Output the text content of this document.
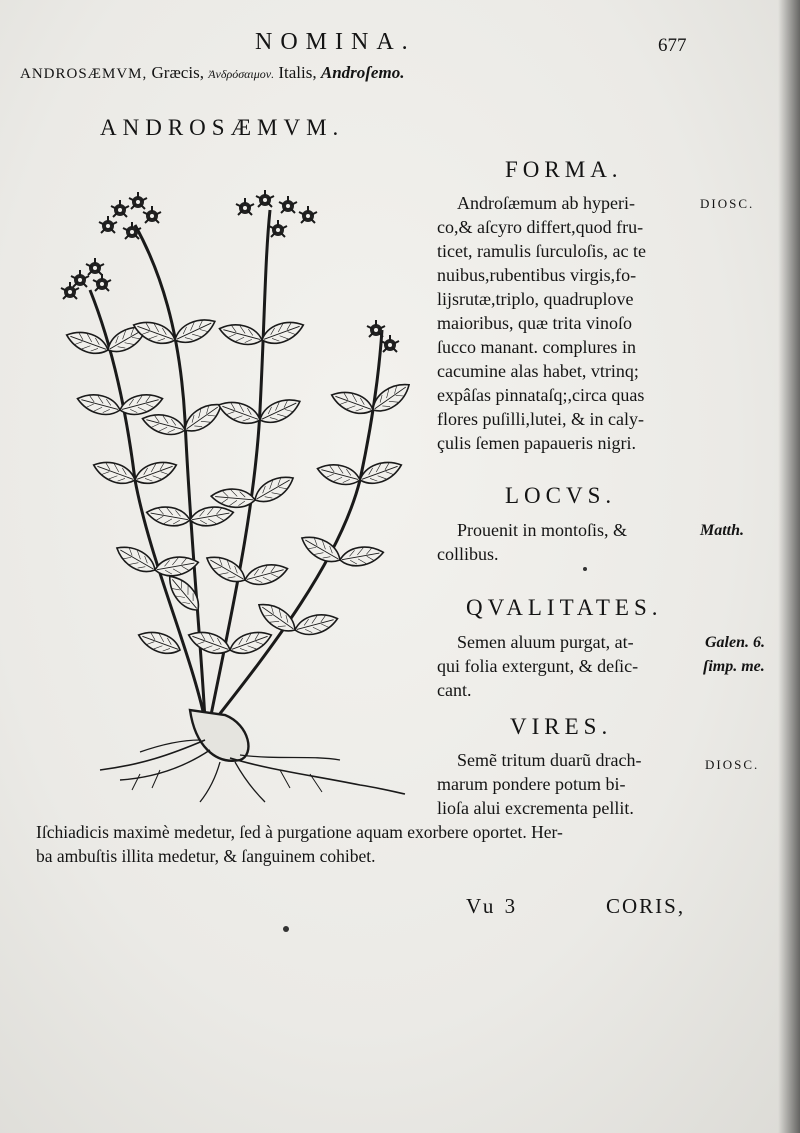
NOMINA.	677
ANDROSÆMVM, Græcis, Ἀνδρόσαιμον. Italis, Androſemo.
ANDROSÆMVM.
FORMA.
Androſæmum ab hyperi-
co,& aſcyro differt,quod fru-
ticet, ramulis ſurculoſis, ac te
nuibus,rubentibus virgis,fo-
lijsrutæ,triplo, quadruplove
maioribus, quæ trita vinoſo
ſucco manant. complures in
cacumine alas habet, vtrinq;
expâſas pinnataſq;,circa quas
flores puſilli,lutei, & in caly-
çulis ſemen papaueris nigri.
DIOSC.
LOCVS.
Prouenit in montoſis, &
collibus.
Matth.
QVALITATES.
Semen aluum purgat, at-
qui folia extergunt, & deſic-
cant.
Galen. 6.
ſimp. me.
VIRES.
Semẽ tritum duarũ drach-
marum pondere potum bi-
lioſa alui excrementa pellit.
DIOSC.
Iſchiadicis maximè medetur, ſed à purgatione aquam exorbere oportet. Her-
ba ambuſtis illita medetur, & ſanguinem cohibet.
Vu 3	CORIS,
